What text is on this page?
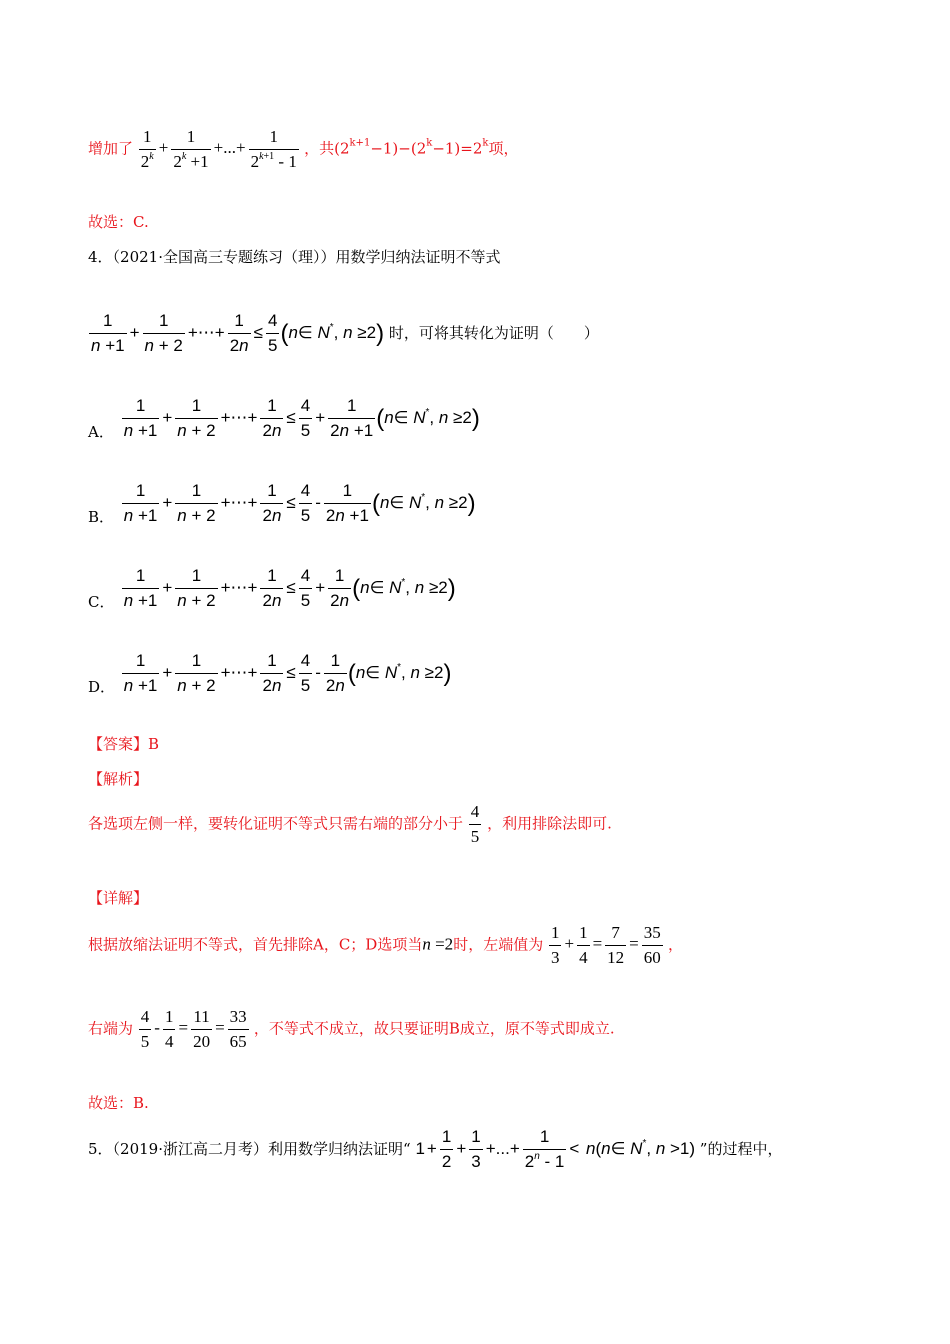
增加了 $\frac{1}{2^k} + \frac{1}{2^k +1}$ +...+ $\frac{1}{2^{k+1} - 1}$ ，共$(2^{k+1}-1)-(2^k-1)=2^k$项，
故选：C.
4．（2021·全国高三专题练习（理））用数学归纳法证明不等式
$\frac{1}{n +1} + \frac{1}{n + 2}$ +⋯+ $\frac{1}{2n} \le \frac{4}{5}$ (n∈ N*, n ≥2) 时，可将其转化为证明（　　）
A． $\frac{1}{n +1} + \frac{1}{n + 2}$ +⋯+ $\frac{1}{2n} \le \frac{4}{5} + \frac{1}{2n +1}$ (n∈ N*, n ≥2)
B． $\frac{1}{n +1} + \frac{1}{n + 2}$ +⋯+ $\frac{1}{2n} \le \frac{4}{5} - \frac{1}{2n +1}$ (n∈ N*, n ≥2)
C． $\frac{1}{n +1} + \frac{1}{n + 2}$ +⋯+ $\frac{1}{2n} \le \frac{4}{5} + \frac{1}{2n}$ (n∈ N*, n ≥2)
D． $\frac{1}{n +1} + \frac{1}{n + 2}$ +⋯+ $\frac{1}{2n} \le \frac{4}{5} - \frac{1}{2n}$ (n∈ N*, n ≥2)
【答案】B
【解析】
各选项左侧一样，要转化证明不等式只需右端的部分小于 $\frac{4}{5}$ ，利用排除法即可.
【详解】
根据放缩法证明不等式，首先排除A，C；D选项当n =2时，左端值为 $\frac{1}{3} + \frac{1}{4} = \frac{7}{12} = \frac{35}{60}$ ，
右端为 $\frac{4}{5} - \frac{1}{4} = \frac{11}{20} = \frac{33}{65}$ ，不等式不成立，故只要证明B成立，原不等式即成立.
故选：B.
5．（2019·浙江高二月考）利用数学归纳法证明“ $1 + \frac{1}{2} + \frac{1}{3}$ +...+ $\frac{1}{2^n - 1}$ < n(n∈ N*, n >1) ”的过程中，
